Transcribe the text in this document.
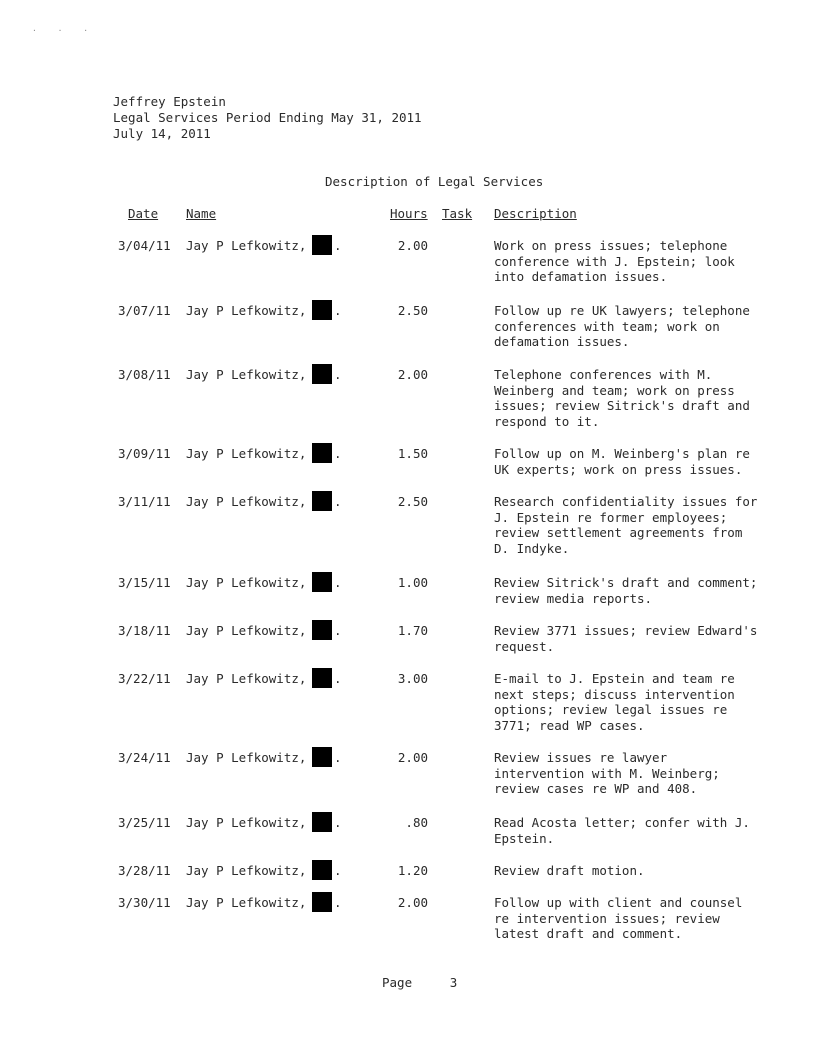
· · ·
Jeffrey Epstein
Legal Services Period Ending May 31, 2011
July 14, 2011
Description of Legal Services
Date Name	Hours Task Description
3/04/11 Jay P Lefkowitz, .	2.00	Work on press issues; telephone conference with J. Epstein; look into defamation issues.
3/07/11 Jay P Lefkowitz, .	2.50	Follow up re UK lawyers; telephone conferences with team; work on defamation issues.
3/08/11 Jay P Lefkowitz, .	2.00	Telephone conferences with M. Weinberg and team; work on press issues; review Sitrick's draft and respond to it.
3/09/11 Jay P Lefkowitz, .	1.50	Follow up on M. Weinberg's plan re UK experts; work on press issues.
3/11/11 Jay P Lefkowitz, .	2.50	Research confidentiality issues for J. Epstein re former employees; review settlement agreements from D. Indyke.
3/15/11 Jay P Lefkowitz, .	1.00	Review Sitrick's draft and comment; review media reports.
3/18/11 Jay P Lefkowitz, .	1.70	Review 3771 issues; review Edward's request.
3/22/11 Jay P Lefkowitz, .	3.00	E-mail to J. Epstein and team re next steps; discuss intervention options; review legal issues re 3771; read WP cases.
3/24/11 Jay P Lefkowitz, .	2.00	Review issues re lawyer intervention with M. Weinberg; review cases re WP and 408.
3/25/11 Jay P Lefkowitz, .	.80	Read Acosta letter; confer with J. Epstein.
3/28/11 Jay P Lefkowitz, .	1.20	Review draft motion.
3/30/11 Jay P Lefkowitz, .	2.00	Follow up with client and counsel re intervention issues; review latest draft and comment.
Page	3
